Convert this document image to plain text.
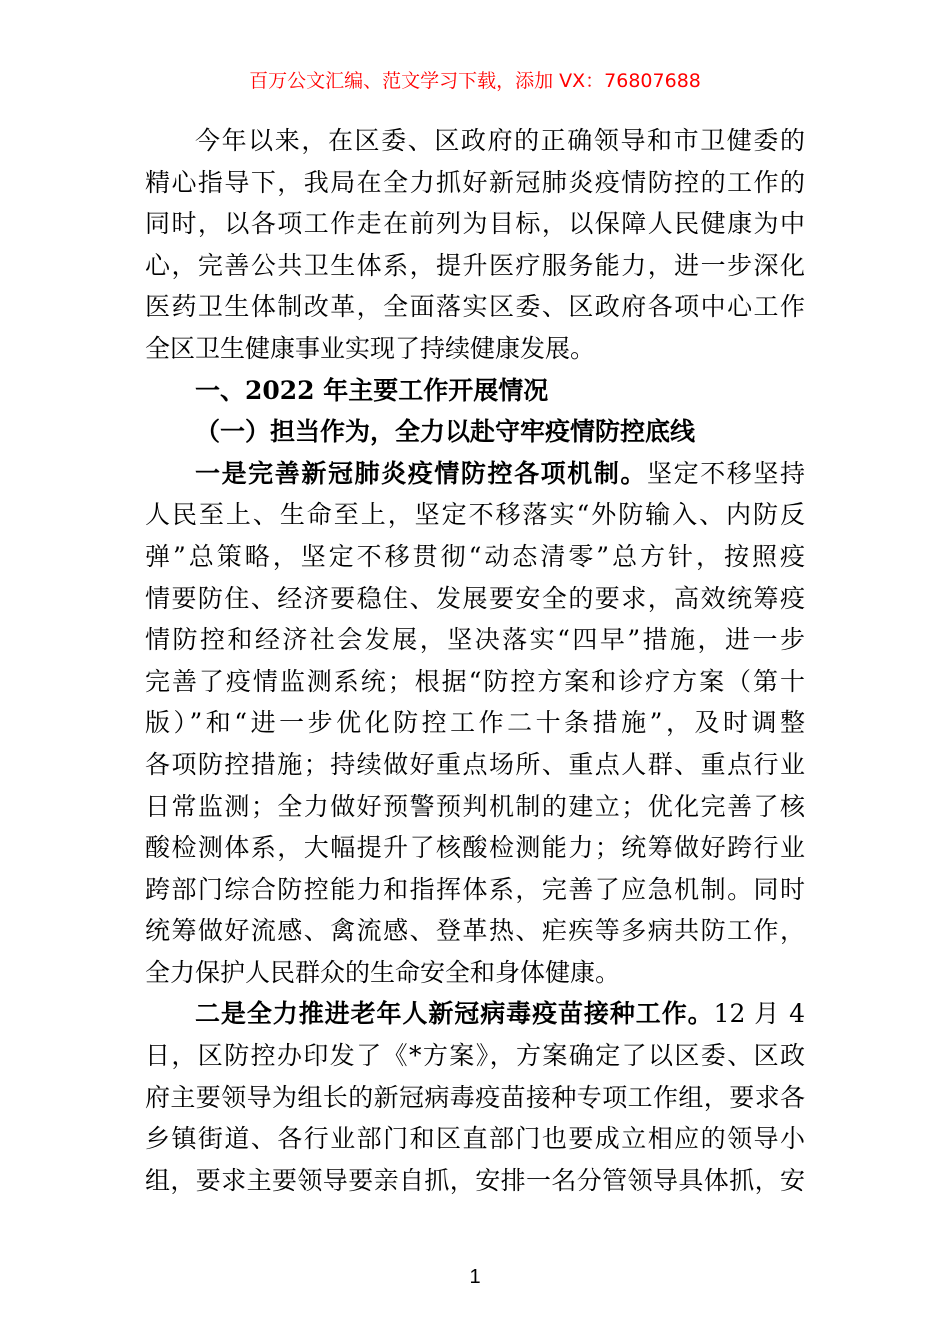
百万公文汇编、范文学习下载，添加 VX：76807688
今年以来，在区委、区政府的正确领导和市卫健委的
精心指导下，我局在全力抓好新冠肺炎疫情防控的工作的
同时，以各项工作走在前列为目标，以保障人民健康为中
心，完善公共卫生体系，提升医疗服务能力，进一步深化
医药卫生体制改革，全面落实区委、区政府各项中心工作
全区卫生健康事业实现了持续健康发展。
一、2022 年主要工作开展情况
（一）担当作为，全力以赴守牢疫情防控底线
一是完善新冠肺炎疫情防控各项机制。坚定不移坚持
人民至上、生命至上，坚定不移落实“外防输入、内防反
弹”总策略，坚定不移贯彻“动态清零”总方针，按照疫
情要防住、经济要稳住、发展要安全的要求，高效统筹疫
情防控和经济社会发展，坚决落实“四早”措施，进一步
完善了疫情监测系统；根据“防控方案和诊疗方案（第十
版）”和“进一步优化防控工作二十条措施”，及时调整
各项防控措施；持续做好重点场所、重点人群、重点行业
日常监测；全力做好预警预判机制的建立；优化完善了核
酸检测体系，大幅提升了核酸检测能力；统筹做好跨行业
跨部门综合防控能力和指挥体系，完善了应急机制。同时
统筹做好流感、禽流感、登革热、疟疾等多病共防工作，
全力保护人民群众的生命安全和身体健康。
二是全力推进老年人新冠病毒疫苗接种工作。12 月 4
日，区防控办印发了《*方案》，方案确定了以区委、区政
府主要领导为组长的新冠病毒疫苗接种专项工作组，要求各
乡镇街道、各行业部门和区直部门也要成立相应的领导小
组，要求主要领导要亲自抓，安排一名分管领导具体抓，安
1
